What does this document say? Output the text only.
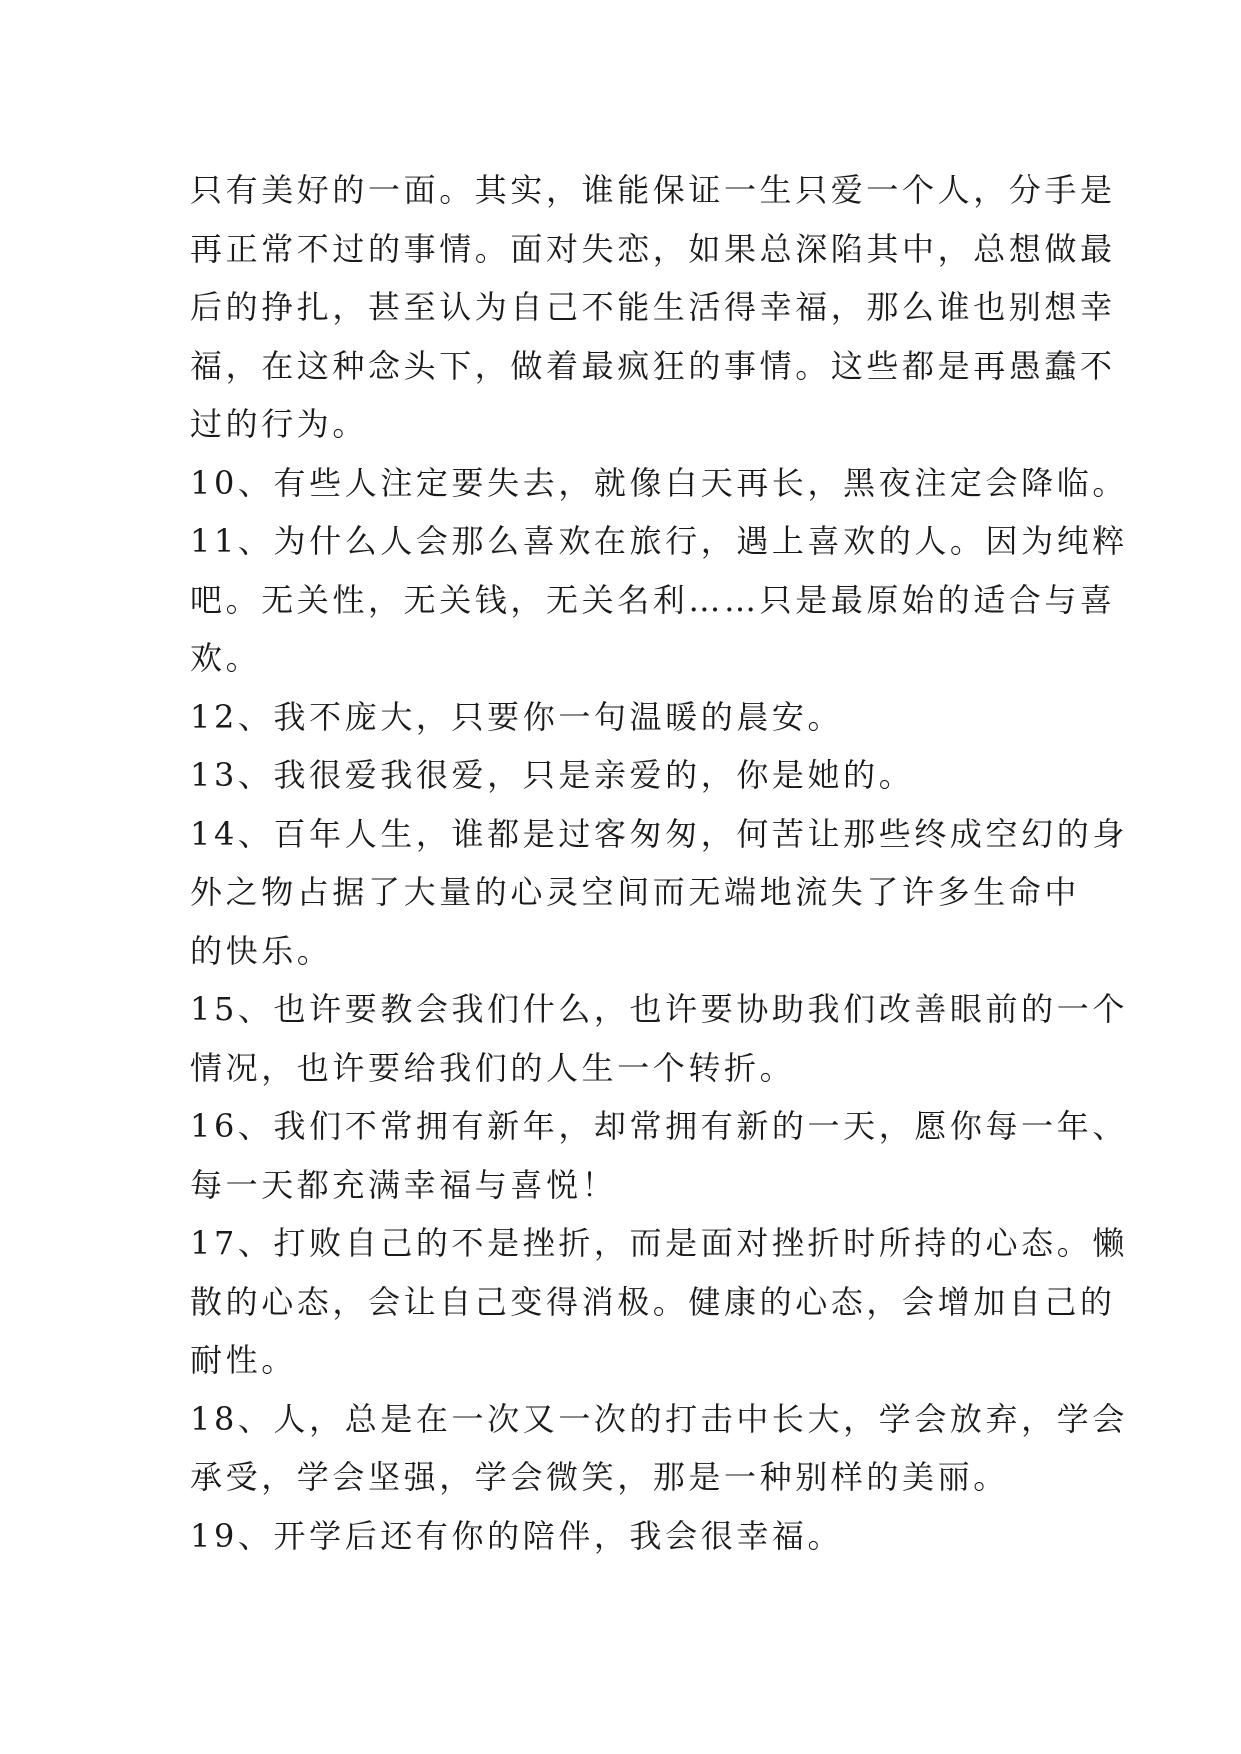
只有美好的一面。其实，谁能保证一生只爱一个人，分手是
再正常不过的事情。面对失恋，如果总深陷其中，总想做最
后的挣扎，甚至认为自己不能生活得幸福，那么谁也别想幸
福，在这种念头下，做着最疯狂的事情。这些都是再愚蠢不
过的行为。
10、有些人注定要失去，就像白天再长，黑夜注定会降临。
11、为什么人会那么喜欢在旅行，遇上喜欢的人。因为纯粹
吧。无关性，无关钱，无关名利……只是最原始的适合与喜
欢。
12、我不庞大，只要你一句温暖的晨安。
13、我很爱我很爱，只是亲爱的，你是她的。
14、百年人生，谁都是过客匆匆，何苦让那些终成空幻的身
外之物占据了大量的心灵空间而无端地流失了许多生命中
的快乐。
15、也许要教会我们什么，也许要协助我们改善眼前的一个
情况，也许要给我们的人生一个转折。
16、我们不常拥有新年，却常拥有新的一天，愿你每一年、
每一天都充满幸福与喜悦！
17、打败自己的不是挫折，而是面对挫折时所持的心态。懒
散的心态，会让自己变得消极。健康的心态，会增加自己的
耐性。
18、人，总是在一次又一次的打击中长大，学会放弃，学会
承受，学会坚强，学会微笑，那是一种别样的美丽。
19、开学后还有你的陪伴，我会很幸福。
